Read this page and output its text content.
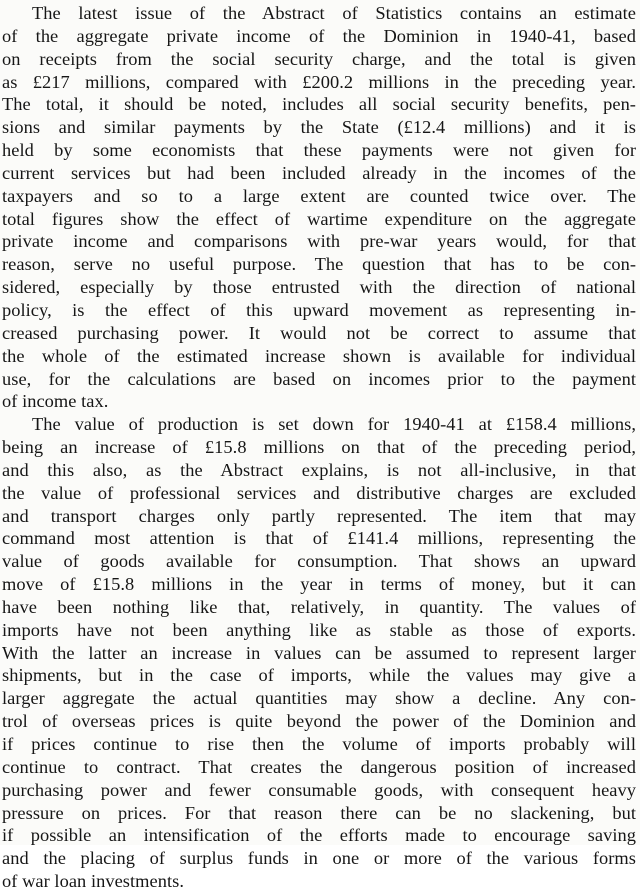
The latest issue of the Abstract of Statistics contains an estimate
of the aggregate private income of the Dominion in 1940-41, based
on receipts from the social security charge, and the total is given
as £217 millions, compared with £200.2 millions in the preceding year.
The total, it should be noted, includes all social security benefits, pen-
sions and similar payments by the State (£12.4 millions) and it is
held by some economists that these payments were not given for
current services but had been included already in the incomes of the
taxpayers and so to a large extent are counted twice over. The
total figures show the effect of wartime expenditure on the aggregate
private income and comparisons with pre-war years would, for that
reason, serve no useful purpose. The question that has to be con-
sidered, especially by those entrusted with the direction of national
policy, is the effect of this upward movement as representing in-
creased purchasing power. It would not be correct to assume that
the whole of the estimated increase shown is available for individual
use, for the calculations are based on incomes prior to the payment
of income tax.

The value of production is set down for 1940-41 at £158.4 millions,
being an increase of £15.8 millions on that of the preceding period,
and this also, as the Abstract explains, is not all-inclusive, in that
the value of professional services and distributive charges are excluded
and transport charges only partly represented. The item that may
command most attention is that of £141.4 millions, representing the
value of goods available for consumption. That shows an upward
move of £15.8 millions in the year in terms of money, but it can
have been nothing like that, relatively, in quantity. The values of
imports have not been anything like as stable as those of exports.
With the latter an increase in values can be assumed to represent larger
shipments, but in the case of imports, while the values may give a
larger aggregate the actual quantities may show a decline. Any con-
trol of overseas prices is quite beyond the power of the Dominion and
if prices continue to rise then the volume of imports probably will
continue to contract. That creates the dangerous position of increased
purchasing power and fewer consumable goods, with consequent heavy
pressure on prices. For that reason there can be no slackening, but
if possible an intensification of the efforts made to encourage saving
and the placing of surplus funds in one or more of the various forms
of war loan investments.
